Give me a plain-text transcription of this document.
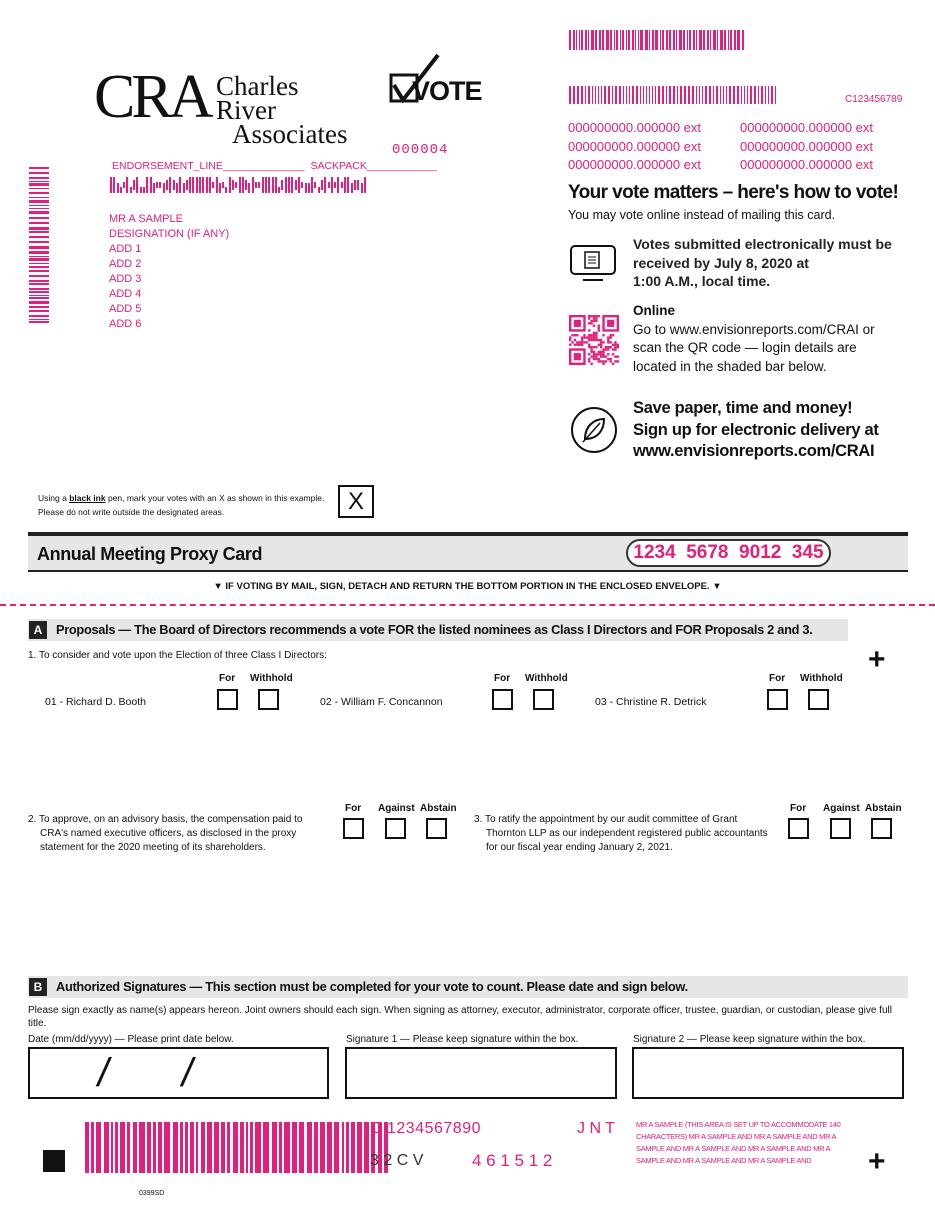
C123456789
CRA Charles River
Associates
VOTE
000004
ENDORSEMENT_LINE______________  SACKPACK____________
MR A SAMPLE
DESIGNATION (IF ANY)
ADD 1
ADD 2
ADD 3
ADD 4
ADD 5
ADD 6
000000000.000000 ext	000000000.000000 ext
000000000.000000 ext	000000000.000000 ext
000000000.000000 ext	000000000.000000 ext
Your vote matters – here's how to vote!
You may vote online instead of mailing this card.
Votes submitted electronically must be
received by July 8, 2020 at
1:00 A.M., local time.
Online
Go to www.envisionreports.com/CRAI or
scan the QR code — login details are
located in the shaded bar below.
Save paper, time and money!
Sign up for electronic delivery at
www.envisionreports.com/CRAI
Using a black ink pen, mark your votes with an X as shown in this example.
Please do not write outside the designated areas.	X
Annual Meeting Proxy Card	1234  5678  9012  345
▼ IF VOTING BY MAIL, SIGN, DETACH AND RETURN THE BOTTOM PORTION IN THE ENCLOSED ENVELOPE. ▼
A Proposals — The Board of Directors recommends a vote FOR the listed nominees as Class I Directors and FOR Proposals 2 and 3.
+
1. To consider and vote upon the Election of three Class I Directors:
01 - Richard D. Booth
For Withhold
02 - William F. Concannon
For Withhold
03 - Christine R. Detrick
For Withhold
2. To approve, on an advisory basis, the compensation paid to
CRA's named executive officers, as disclosed in the proxy
statement for the 2020 meeting of its shareholders.
For Against Abstain
3. To ratify the appointment by our audit committee of Grant
Thornton LLP as our independent registered public accountants
for our fiscal year ending January 2, 2021.
For Against Abstain
B Authorized Signatures — This section must be completed for your vote to count. Please date and sign below.
Please sign exactly as name(s) appears hereon. Joint owners should each sign. When signing as attorney, executor, administrator, corporate officer, trustee, guardian, or custodian, please give full title.
Date (mm/dd/yyyy) — Please print date below.	Signature 1 — Please keep signature within the box.	Signature 2 — Please keep signature within the box.
/ /
C 1234567890	J N T
3 2 C V	4 6 1 5 1 2
MR A SAMPLE (THIS AREA IS SET UP TO ACCOMMODATE 140 CHARACTERS) MR A SAMPLE AND MR A SAMPLE AND MR A SAMPLE AND MR A SAMPLE AND MR A SAMPLE AND MR A SAMPLE AND MR A SAMPLE AND MR A SAMPLE AND	+
0399SD
